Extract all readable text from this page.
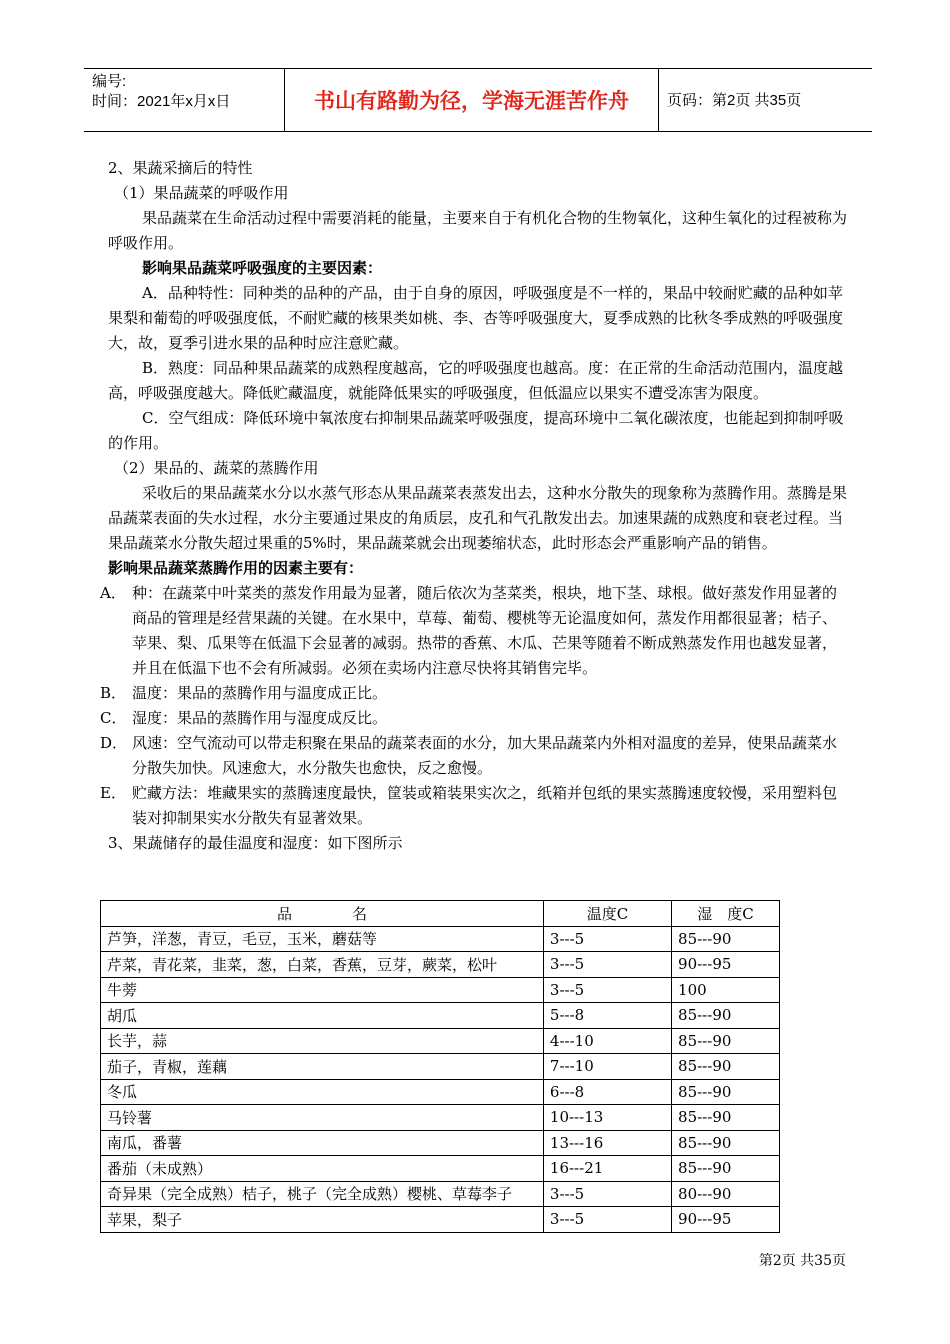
编号:
时间：2021年x月x日	书山有路勤为径，学海无涯苦作舟	页码：第2页 共35页

2、果蔬采摘后的特性

（1）果品蔬菜的呼吸作用

果品蔬菜在生命活动过程中需要消耗的能量，主要来自于有机化合物的生物氧化，这种生氧化的过程被称为呼吸作用。

影响果品蔬菜呼吸强度的主要因素：

A．品种特性：同种类的品种的产品，由于自身的原因，呼吸强度是不一样的，果品中较耐贮藏的品种如苹果梨和葡萄的呼吸强度低，不耐贮藏的核果类如桃、李、杏等呼吸强度大，夏季成熟的比秋冬季成熟的呼吸强度大，故，夏季引进水果的品种时应注意贮藏。

B．熟度：同品种果品蔬菜的成熟程度越高，它的呼吸强度也越高。度：在正常的生命活动范围内，温度越高，呼吸强度越大。降低贮藏温度，就能降低果实的呼吸强度，但低温应以果实不遭受冻害为限度。

C．空气组成：降低环境中氧浓度右抑制果品蔬菜呼吸强度，提高环境中二氧化碳浓度，也能起到抑制呼吸的作用。

（2）果品的、蔬菜的蒸腾作用

采收后的果品蔬菜水分以水蒸气形态从果品蔬菜表蒸发出去，这种水分散失的现象称为蒸腾作用。蒸腾是果品蔬菜表面的失水过程，水分主要通过果皮的角质层，皮孔和气孔散发出去。加速果蔬的成熟度和衰老过程。当果品蔬菜水分散失超过果重的5%时，果品蔬菜就会出现萎缩状态，此时形态会严重影响产品的销售。

影响果品蔬菜蒸腾作用的因素主要有：

A． 种：在蔬菜中叶菜类的蒸发作用最为显著，随后依次为茎菜类，根块，地下茎、球根。做好蒸发作用显著的商品的管理是经营果蔬的关键。在水果中，草莓、葡萄、樱桃等无论温度如何，蒸发作用都很显著；桔子、苹果、梨、瓜果等在低温下会显著的减弱。热带的香蕉、木瓜、芒果等随着不断成熟蒸发作用也越发显著，并且在低温下也不会有所减弱。必须在卖场内注意尽快将其销售完毕。
B． 温度：果品的蒸腾作用与温度成正比。
C． 湿度：果品的蒸腾作用与湿度成反比。
D． 风速：空气流动可以带走积聚在果品的蔬菜表面的水分，加大果品蔬菜内外相对温度的差异，使果品蔬菜水分散失加快。风速愈大，水分散失也愈快，反之愈慢。
E． 贮藏方法：堆藏果实的蒸腾速度最快，筐装或箱装果实次之，纸箱并包纸的果实蒸腾速度较慢，采用塑料包装对抑制果实水分散失有显著效果。

3、果蔬储存的最佳温度和湿度：如下图所示

品　　　　名	温度C	湿　度C
芦笋，洋葱，青豆，毛豆，玉米，蘑菇等	3---5	85---90
芹菜，青花菜，韭菜，葱，白菜，香蕉，豆芽，蕨菜，松叶	3---5	90---95
牛蒡	3---5	100
胡瓜	5---8	85---90
长芋，蒜	4---10	85---90
茄子，青椒，莲藕	7---10	85---90
冬瓜	6---8	85---90
马铃薯	10---13	85---90
南瓜，番薯	13---16	85---90
番茄（未成熟）	16---21	85---90
奇异果（完全成熟）桔子，桃子（完全成熟）樱桃、草莓李子	3---5	80---90
苹果，梨子	3---5	90---95
第2页 共35页
